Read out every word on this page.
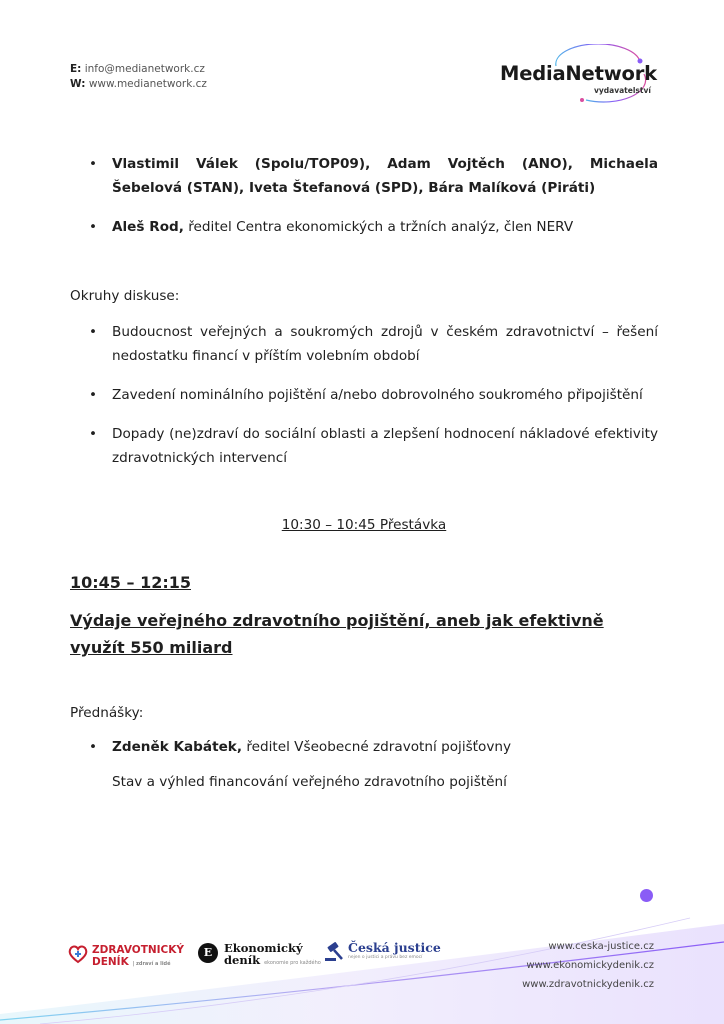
E: info@medianetwork.cz
W: www.medianetwork.cz	MediaNetwork
vydavatelství
• Vlastimil Válek (Spolu/TOP09), Adam Vojtěch (ANO), Michaela Šebelová (STAN), Iveta Štefanová (SPD), Bára Malíková (Piráti)
• Aleš Rod, ředitel Centra ekonomických a tržních analýz, člen NERV

Okruhy diskuse:

• Budoucnost veřejných a soukromých zdrojů v českém zdravotnictví – řešení nedostatku financí v příštím volebním období
• Zavedení nominálního pojištění a/nebo dobrovolného soukromého připojištění
• Dopady (ne)zdraví do sociální oblasti a zlepšení hodnocení nákladové efektivity zdravotnických intervencí

10:30 – 10:45 Přestávka

10:45 – 12:15

Výdaje veřejného zdravotního pojištění, aneb jak efektivně využít 550 miliard

Přednášky:

• Zdeněk Kabátek, ředitel Všeobecné zdravotní pojišťovny

Stav a výhled financování veřejného zdravotního pojištění

ZDRAVOTNICKÝ
DENÍK | zdraví a lidé
E	Ekonomický
deník ekonomie pro každého
Česká justice
nejen o justici a právu bez emocí
www.ceska-justice.cz
www.ekonomickydenik.cz
www.zdravotnickydenik.cz
